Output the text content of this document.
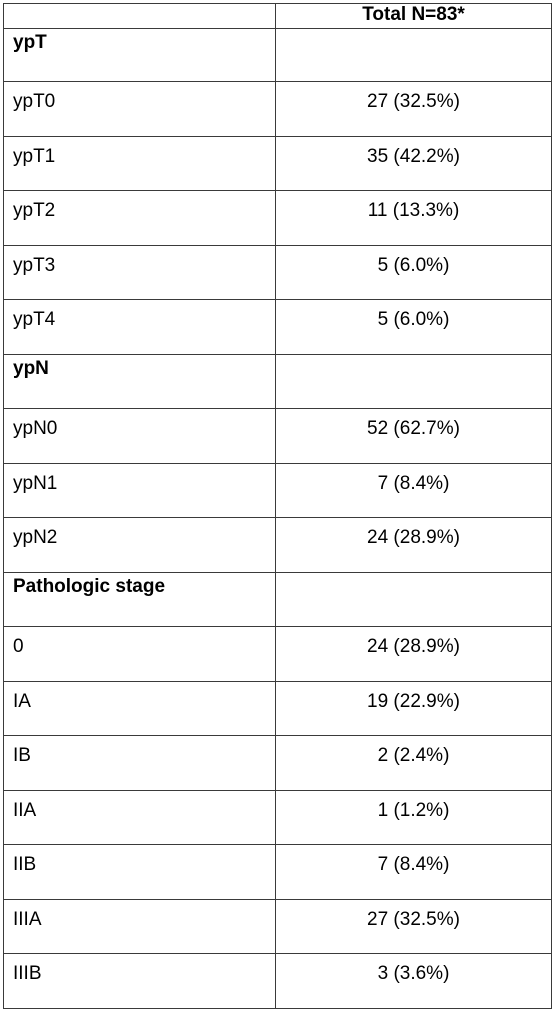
	Total N=83*
ypT	
ypT0	27 (32.5%)
ypT1	35 (42.2%)
ypT2	11 (13.3%)
ypT3	5 (6.0%)
ypT4	5 (6.0%)
ypN	
ypN0	52 (62.7%)
ypN1	7 (8.4%)
ypN2	24 (28.9%)
Pathologic stage	
0	24 (28.9%)
IA	19 (22.9%)
IB	2 (2.4%)
IIA	1 (1.2%)
IIB	7 (8.4%)
IIIA	27 (32.5%)
IIIB	3 (3.6%)
